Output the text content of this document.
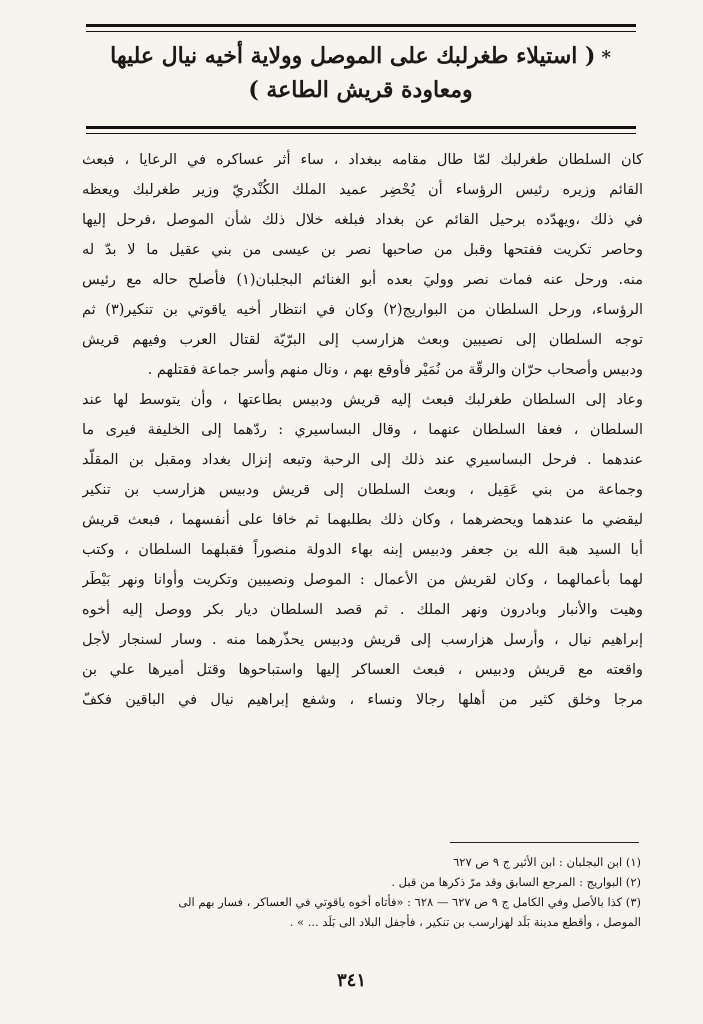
*( استيلاء طغرلبك على الموصل وولاية أخيه نيال عليها
ومعاودة قريش الطاعة )
كان السلطان طغرلبك لمّا طال مقامه ببغداد ، ساء أثر عساكره في الرعايا ، فبعث
القائم وزيره رئيس الرؤساء أن يُحْضِر عميد الملك الكُنْدريّ وزير طغرلبك ويعظه
في ذلك ،ويهدّده برحيل القائم عن بغداد فبلغه خلال ذلك شأن الموصل ،فرحل إليها
وحاصر تكريت ففتحها وقبل من صاحبها نصر بن عيسى من بني عقيل ما لا بدّ له
منه. ورحل عنه فمات نصر ووليَ بعده أبو الغنائم البجلبان(١) فأصلح حاله مع رئيس
الرؤساء، ورحل السلطان من البواريج(٢) وكان في انتظار أخيه ياقوتي بن تنكير(٣) ثم
توجه السلطان إلى نصيبين وبعث هزارسب إلى البرّيّة لقتال العرب وفيهم قريش
ودبيس وأصحاب حرّان والرقّة من نُمَيْر فأوقع بهم ، ونال منهم وأسر جماعة فقتلهم .
وعاد إلى السلطان طغرلبك فبعث إليه قريش ودبيس بطاعتها ، وأن يتوسط لها عند
السلطان ، فعفا السلطان عنهما ، وقال البساسيري : ردّهما إلى الخليفة فيرى ما
عندهما . فرحل البساسيري عند ذلك إلى الرحبة وتبعه إنزال بغداد ومقبل بن المقلّد
وجماعة من بني عَقِيل ، وبعث السلطان إلى قريش ودبيس هزارسب بن تنكير
ليقضي ما عندهما ويحضرهما ، وكان ذلك بطلبهما ثم خافا على أنفسهما ، فبعث قريش
أبا السيد هبة الله بن جعفر ودبيس إبنه بهاء الدولة منصوراً فقبلهما السلطان ، وكتب
لهما بأعمالهما ، وكان لقريش من الأعمال : الموصل ونصيبين وتكريت وأوانا ونهر بَيْطَر
وهيت والأنبار وبادرون ونهر الملك . ثم قصد السلطان ديار بكر ووصل إليه أخوه
إبراهيم نيال ، وأرسل هزارسب إلى قريش ودبيس يحذّرهما منه . وسار لسنجار لأجل
واقعته مع قريش ودبيس ، فبعث العساكر إليها واستباحوها وقتل أميرها علي بن
مرجا وخلق كثير من أهلها رجالا ونساء ، وشفع إبراهيم نيال في الباقين فكفّ
(١) ابن البجلبان : ابن الأثير ج ٩ ص ٦٢٧
(٢) البواريج : المرجع السابق وقد مرّ ذكرها من قبل .
(٣) كذا بالأصل وفي الكامل ج ٩ ص ٦٢٧ — ٦٢٨ : «فأتاه أخوه ياقوتي في العساكر ، فسار بهم الى
الموصل ، وأقطع مدينة بَلَد لهزارسب بن تنكير ، فأجفل البلاد الى بَلَد ... » .
٣٤١
